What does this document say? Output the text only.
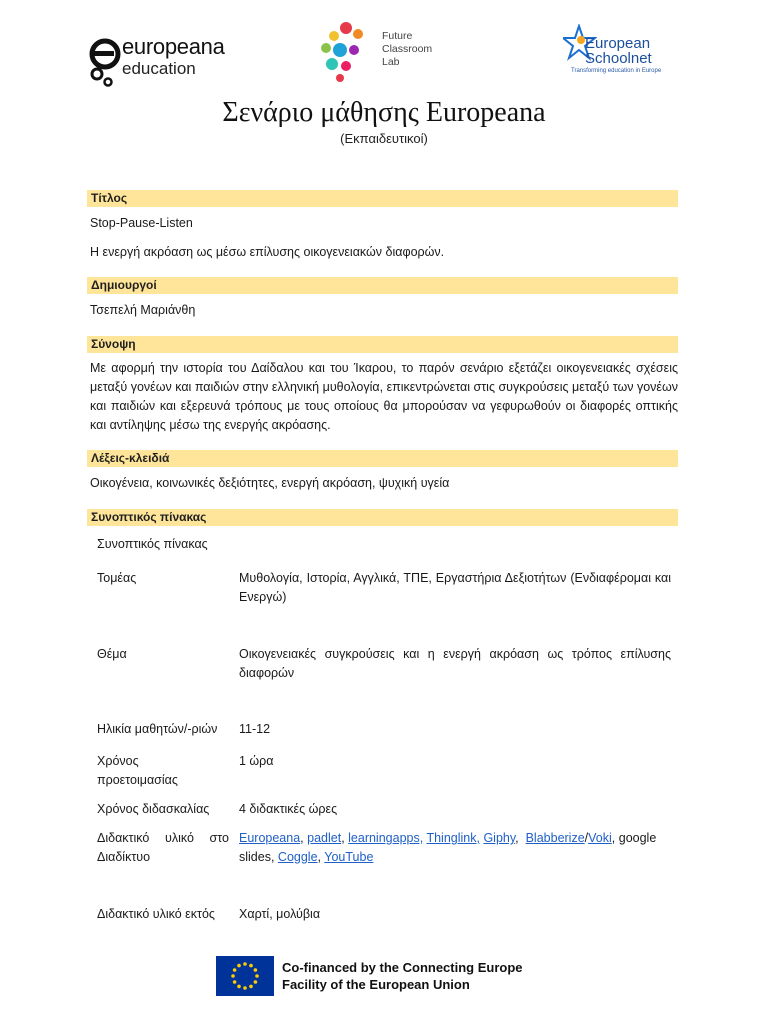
europeana
education
Future
Classroom
Lab
European
Schoolnet
Transforming education in Europe
Σενάριο μάθησης Europeana
(Εκπαιδευτικοί)
Τίτλος
Stop-Pause-Listen
Η ενεργή ακρόαση ως μέσω επίλυσης οικογενειακών διαφορών.
Δημιουργοί
Τσεπελή Μαριάνθη
Σύνοψη
Με αφορμή την ιστορία του Δαίδαλου και του Ίκαρου, το παρόν σενάριο εξετάζει οικογενειακές σχέσεις μεταξύ γονέων και παιδιών στην ελληνική μυθολογία, επικεντρώνεται στις συγκρούσεις μεταξύ των γονέων και παιδιών και εξερευνά τρόπους με τους οποίους θα μπορούσαν να γεφυρωθούν οι διαφορές οπτικής και αντίληψης μέσω της ενεργής ακρόασης.
Λέξεις-κλειδιά
Οικογένεια, κοινωνικές δεξιότητες, ενεργή ακρόαση, ψυχική υγεία
Συνοπτικός πίνακας
Συνοπτικός πίνακας
Τομέας	Μυθολογία, Ιστορία, Αγγλικά, ΤΠΕ, Εργαστήρια Δεξιοτήτων (Ενδιαφέρομαι και Ενεργώ)
Θέμα	Οικογενειακές συγκρούσεις και η ενεργή ακρόαση ως τρόπος επίλυσης διαφορών
Ηλικία μαθητών/-ριών 11-12
Χρόνος προετοιμασίας
1 ώρα
Χρόνος διδασκαλίας 4 διδακτικές ώρες
Διδακτικό υλικό στο Διαδίκτυο
Europeana, padlet, learningapps, Thinglink, Giphy,  Blabberize/Voki, google slides, Coggle, YouTube
Διδακτικό υλικό εκτός Χαρτί, μολύβια
Co-financed by the Connecting Europe
Facility of the European Union
